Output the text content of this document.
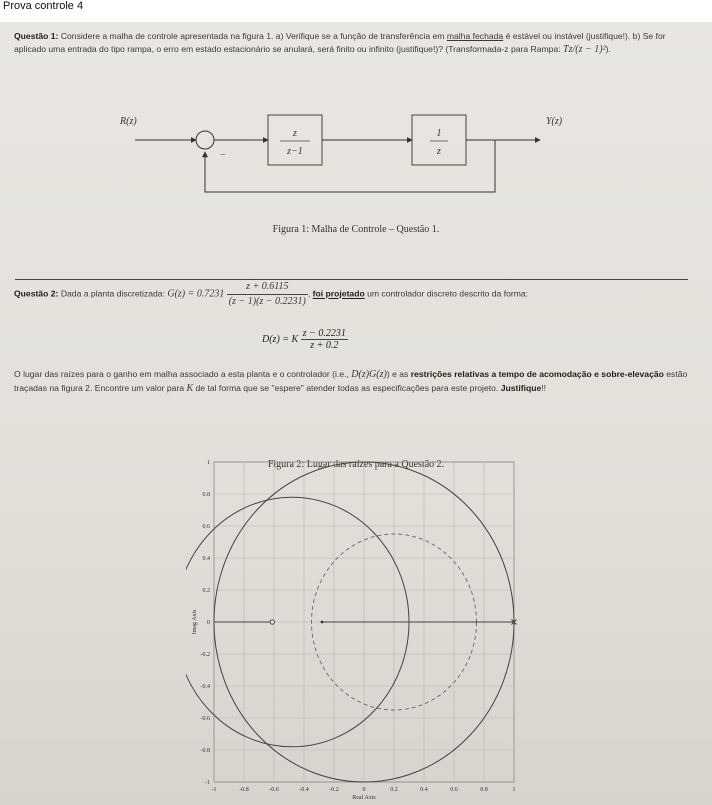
Prova controle 4

Questão 1: Considere a malha de controle apresentada na figura 1. a) Verifique se a função de transferência em malha fechada é estável ou instável (justifique!). b) Se for aplicado uma entrada do tipo rampa, o erro em estado estacionário se anulará, será finito ou infinito (justifique!)? (Transformada-z para Rampa: Tz/(z − 1)²).

R(z)	Y(z)
−
z
z−1
1
z
Figura 1: Malha de Controle – Questão 1.
Questão 2: Dada a planta discretizada: $G(z) = 0.7231 \frac{z + 0.6115}{(z - 1)(z - 0.2231)}$ , foi projetado um controlador discreto descrito da forma:
D(z) = K $\frac{z - 0.2231}{z + 0.2}$

O lugar das raízes para o ganho em malha associado a esta planta e o controlador (i.e., D(z)G(z)) e as restrições relativas a tempo de acomodação e sobre-elevação estão traçadas na figura 2. Encontre um valor para K de tal forma que se "espere" atender todas as especificações para este projeto. Justifique!!

Figura 2: Lugar das raízes para a Questão 2.
-1	-0.8	-0.6	-0.4	-0.2	0	0.2	0.4	0.6	0.8	1
-1
-0.8
-0.6
-0.4
-0.2
0
0.2
0.4
0.6
0.8
1
Real Axis
Imag Axis
